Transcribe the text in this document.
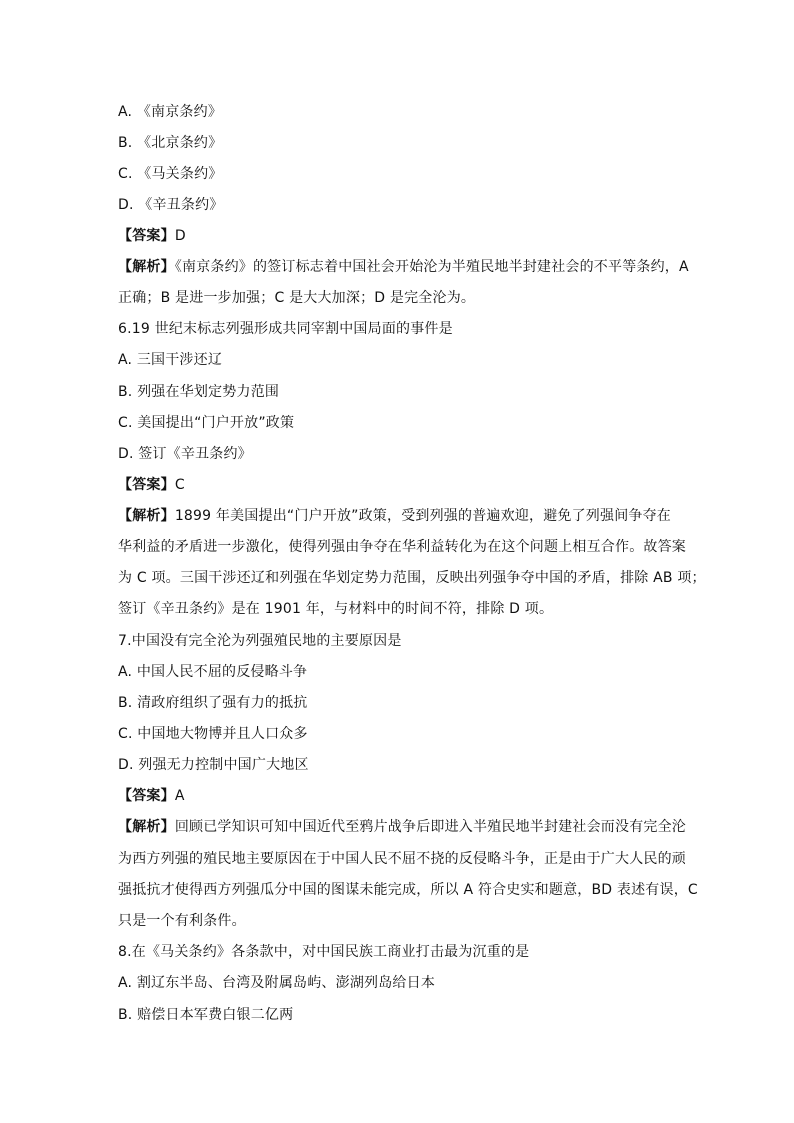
A. 《南京条约》
B. 《北京条约》
C. 《马关条约》
D. 《辛丑条约》
【答案】D
【解析】《南京条约》的签订标志着中国社会开始沦为半殖民地半封建社会的不平等条约，A
正确；B 是进一步加强；C 是大大加深；D 是完全沦为。
6.19 世纪末标志列强形成共同宰割中国局面的事件是
A. 三国干涉还辽
B. 列强在华划定势力范围
C. 美国提出“门户开放”政策
D. 签订《辛丑条约》
【答案】C
【解析】1899 年美国提出“门户开放”政策，受到列强的普遍欢迎，避免了列强间争夺在
华利益的矛盾进一步激化，使得列强由争夺在华利益转化为在这个问题上相互合作。故答案
为 C 项。三国干涉还辽和列强在华划定势力范围，反映出列强争夺中国的矛盾，排除 AB 项；
签订《辛丑条约》是在 1901 年，与材料中的时间不符，排除 D 项。
7.中国没有完全沦为列强殖民地的主要原因是
A. 中国人民不屈的反侵略斗争
B. 清政府组织了强有力的抵抗
C. 中国地大物博并且人口众多
D. 列强无力控制中国广大地区
【答案】A
【解析】回顾已学知识可知中国近代至鸦片战争后即进入半殖民地半封建社会而没有完全沦
为西方列强的殖民地主要原因在于中国人民不屈不挠的反侵略斗争，正是由于广大人民的顽
强抵抗才使得西方列强瓜分中国的图谋未能完成，所以 A 符合史实和题意，BD 表述有误，C
只是一个有利条件。
8.在《马关条约》各条款中，对中国民族工商业打击最为沉重的是
A. 割辽东半岛、台湾及附属岛屿、澎湖列岛给日本
B. 赔偿日本军费白银二亿两
